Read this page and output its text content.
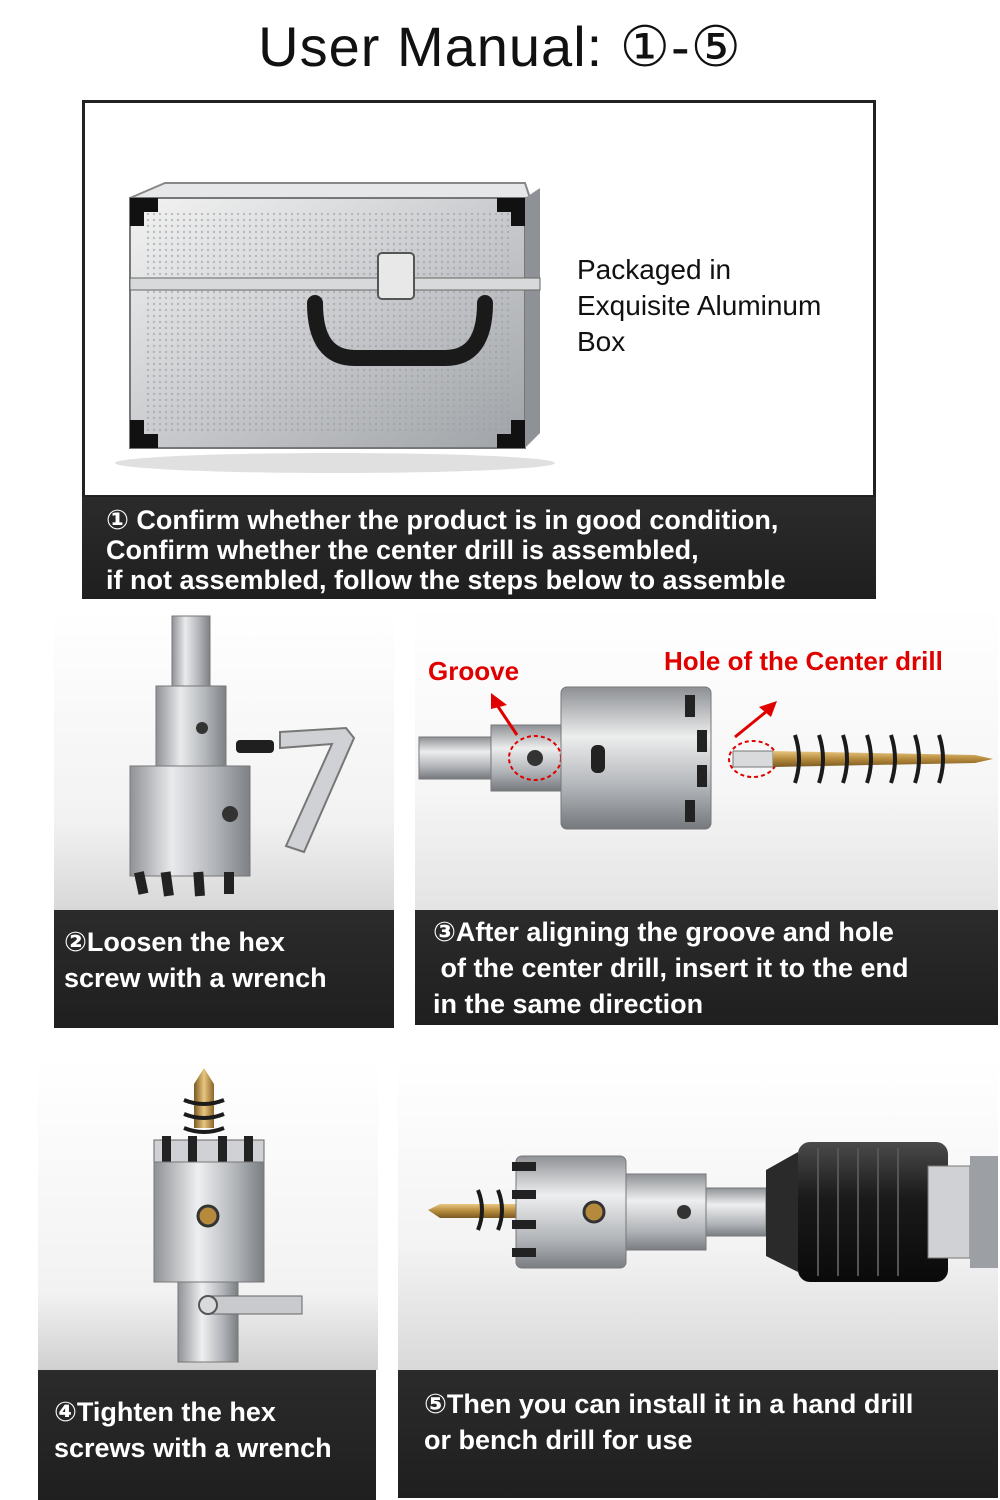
User Manual: ①-⑤
Packaged in
Exquisite Aluminum
Box
① Confirm whether the product is in good condition,
Confirm whether the center drill is assembled,
if not assembled, follow the steps below to assemble
②Loosen the hex
screw with a wrench
Groove	Hole of the Center drill
③After aligning the groove and hole
of the center drill, insert it to the end
in the same direction
④Tighten the hex
screws with a wrench
⑤Then you can install it in a hand drill
or bench drill for use
